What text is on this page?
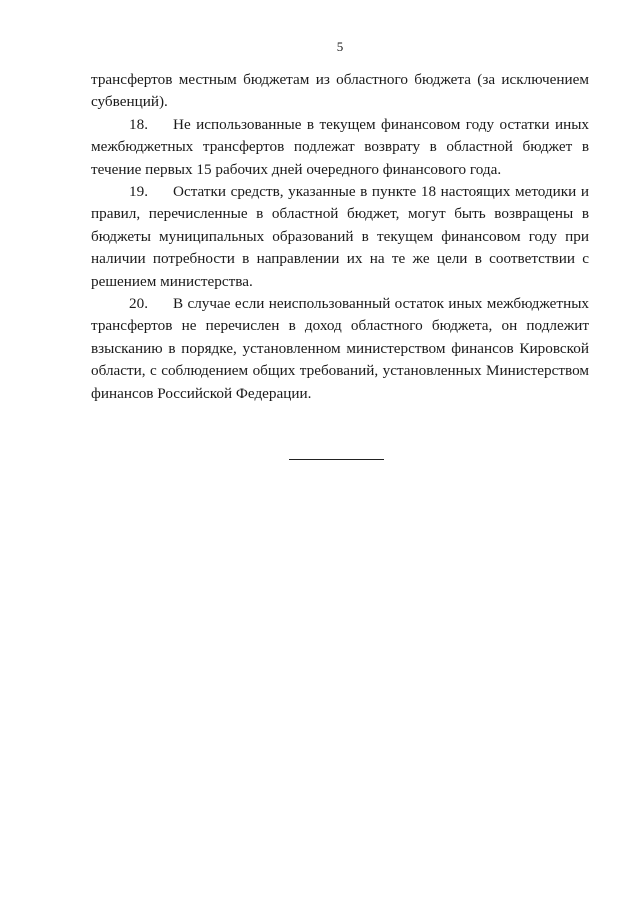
5

трансфертов местным бюджетам из областного бюджета (за исключением субвенций).

18. Не использованные в текущем финансовом году остатки иных межбюджетных трансфертов подлежат возврату в областной бюджет в течение первых 15 рабочих дней очередного финансового года.

19. Остатки средств, указанные в пункте 18 настоящих методики и правил, перечисленные в областной бюджет, могут быть возвращены в бюджеты муниципальных образований в текущем финансовом году при наличии потребности в направлении их на те же цели в соответствии с решением министерства.

20. В случае если неиспользованный остаток иных межбюджетных трансфертов не перечислен в доход областного бюджета, он подлежит взысканию в порядке, установленном министерством финансов Кировской области, с соблюдением общих требований, установленных Министерством финансов Российской Федерации.
